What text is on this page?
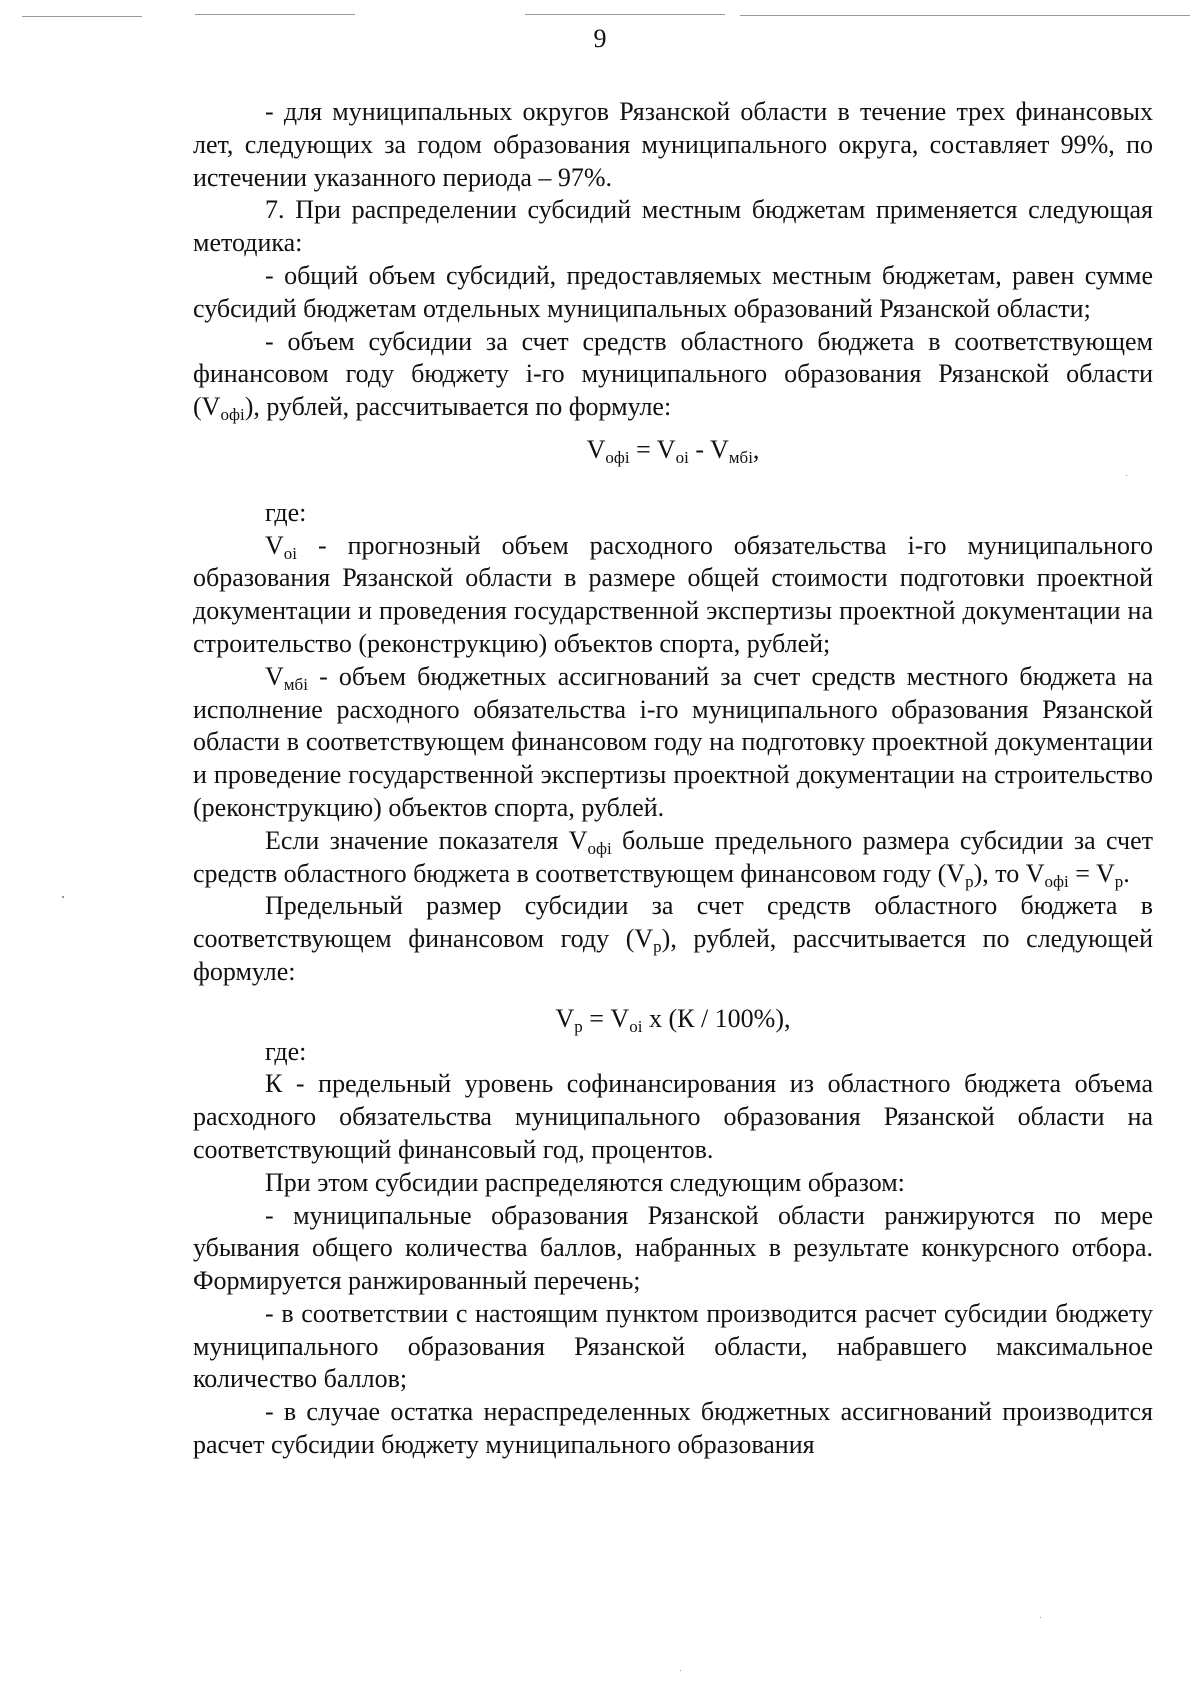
9

- для муниципальных округов Рязанской области в течение трех финансовых лет, следующих за годом образования муниципального округа, составляет 99%, по истечении указанного периода – 97%.

7. При распределении субсидий местным бюджетам применяется следующая методика:

- общий объем субсидий, предоставляемых местным бюджетам, равен сумме субсидий бюджетам отдельных муниципальных образований Рязанской области;

- объем субсидии за счет средств областного бюджета в соответствующем финансовом году бюджету i-го муниципального образования Рязанской области $(V_{офi})$, рублей, рассчитывается по формуле:

$V_{офi} = V_{oi} - V_{мбi}$,

где:

$V_{oi}$ - прогнозный объем расходного обязательства i-го муниципального образования Рязанской области в размере общей стоимости подготовки проектной документации и проведения государственной экспертизы проектной документации на строительство (реконструкцию) объектов спорта, рублей;

$V_{мбi}$ - объем бюджетных ассигнований за счет средств местного бюджета на исполнение расходного обязательства i-го муниципального образования Рязанской области в соответствующем финансовом году на подготовку проектной документации и проведение государственной экспертизы проектной документации на строительство (реконструкцию) объектов спорта, рублей.

Если значение показателя $V_{офi}$ больше предельного размера субсидии за счет средств областного бюджета в соответствующем финансовом году $(V_р)$, то $V_{офi} = V_р$.

Предельный размер субсидии за счет средств областного бюджета в соответствующем финансовом году $(V_р)$, рублей, рассчитывается по следующей формуле:

$V_р = V_{oi}$ x (К / 100%),

где:

К - предельный уровень софинансирования из областного бюджета объема расходного обязательства муниципального образования Рязанской области на соответствующий финансовый год, процентов.

При этом субсидии распределяются следующим образом:

- муниципальные образования Рязанской области ранжируются по мере убывания общего количества баллов, набранных в результате конкурсного отбора. Формируется ранжированный перечень;

- в соответствии с настоящим пунктом производится расчет субсидии бюджету муниципального образования Рязанской области, набравшего максимальное количество баллов;

- в случае остатка нераспределенных бюджетных ассигнований производится расчет субсидии бюджету муниципального образования
